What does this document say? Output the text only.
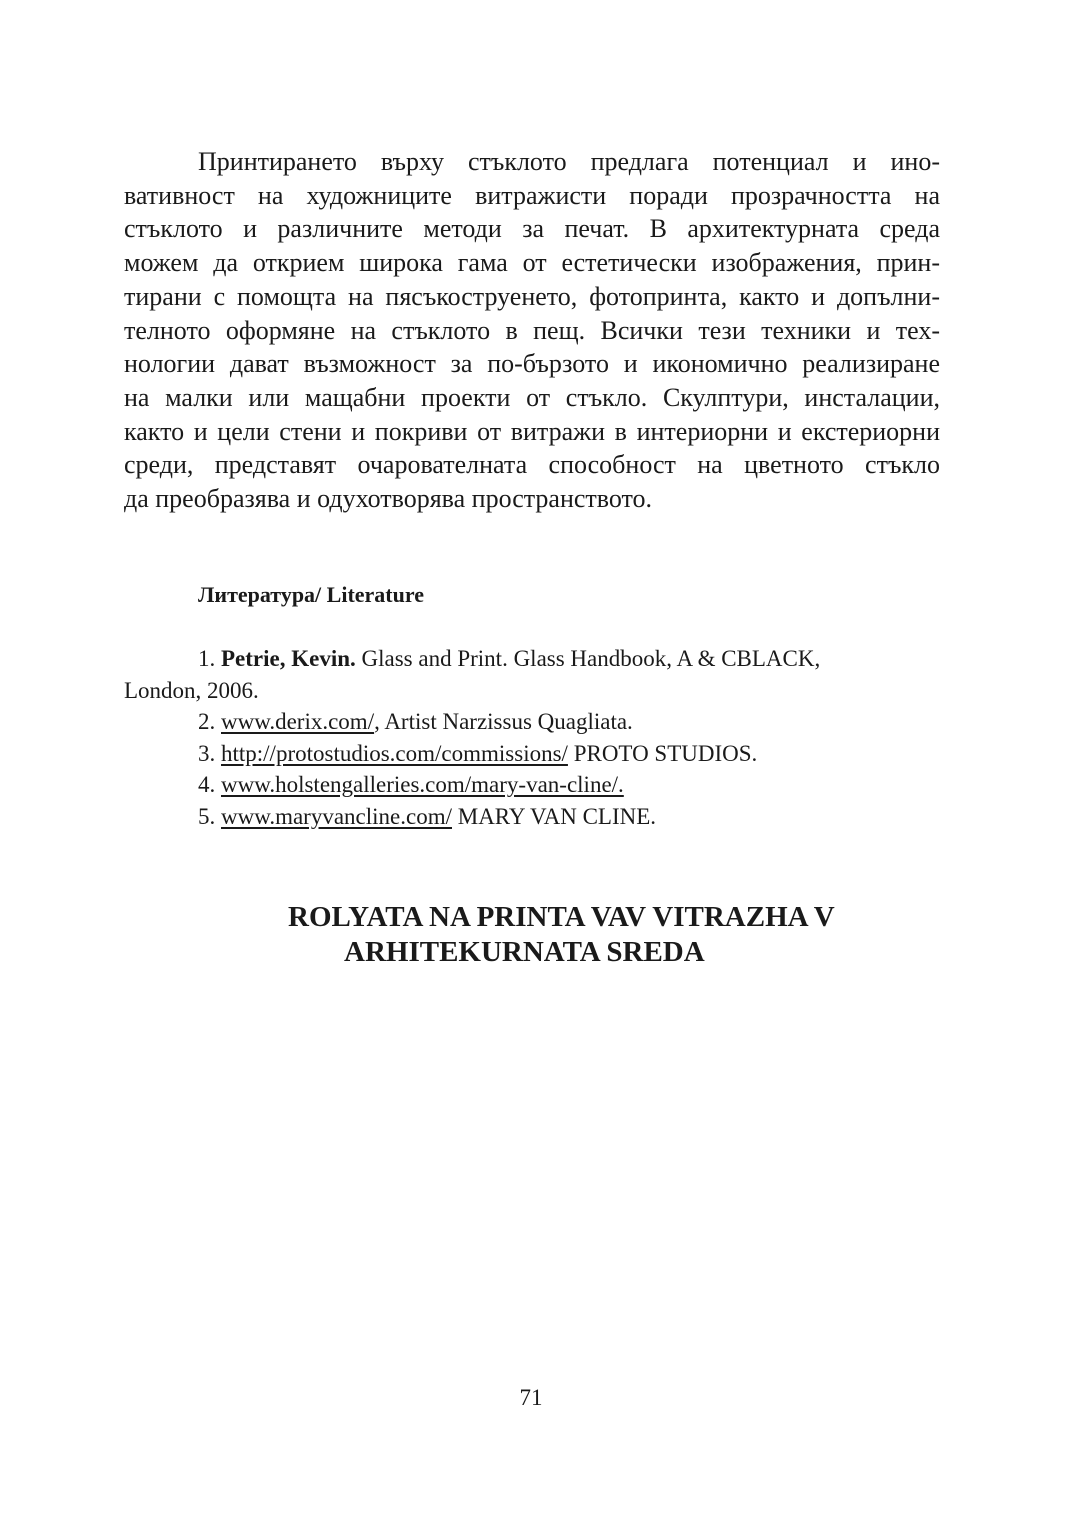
Принтирането върху стъклото предлага потенциал и ино-
вативност на художниците витражисти поради прозрачността на
стъклото и различните методи за печат. В архитектурната среда
можем да открием широка гама от естетически изображения, прин-
тирани с помощта на пясъкоструенето, фотопринта, както и допълни-
телното оформяне на стъклото в пещ. Всички тези техники и тех-
нологии дават възможност за по-бързото и икономично реализиране
на малки или мащабни проекти от стъкло. Скулптури, инсталации,
както и цели стени и покриви от витражи в интериорни и екстериорни
среди, представят очарователната способност на цветното стъкло
да преобразява и одухотворява пространството.
Литература/ Literature
1. Petrie, Kevin. Glass and Print. Glass Handbook, A & CBLACK,
London, 2006.
2. www.derix.com/, Artist Narzissus Quagliata.
3. http://protostudios.com/commissions/ PROTO STUDIOS.
4. www.holstengalleries.com/mary-van-cline/.
5. www.maryvancline.com/ MARY VAN CLINE.
ROLYATA NA PRINTA VAV VITRAZHA V
ARHITEKURNATA SREDA
71
